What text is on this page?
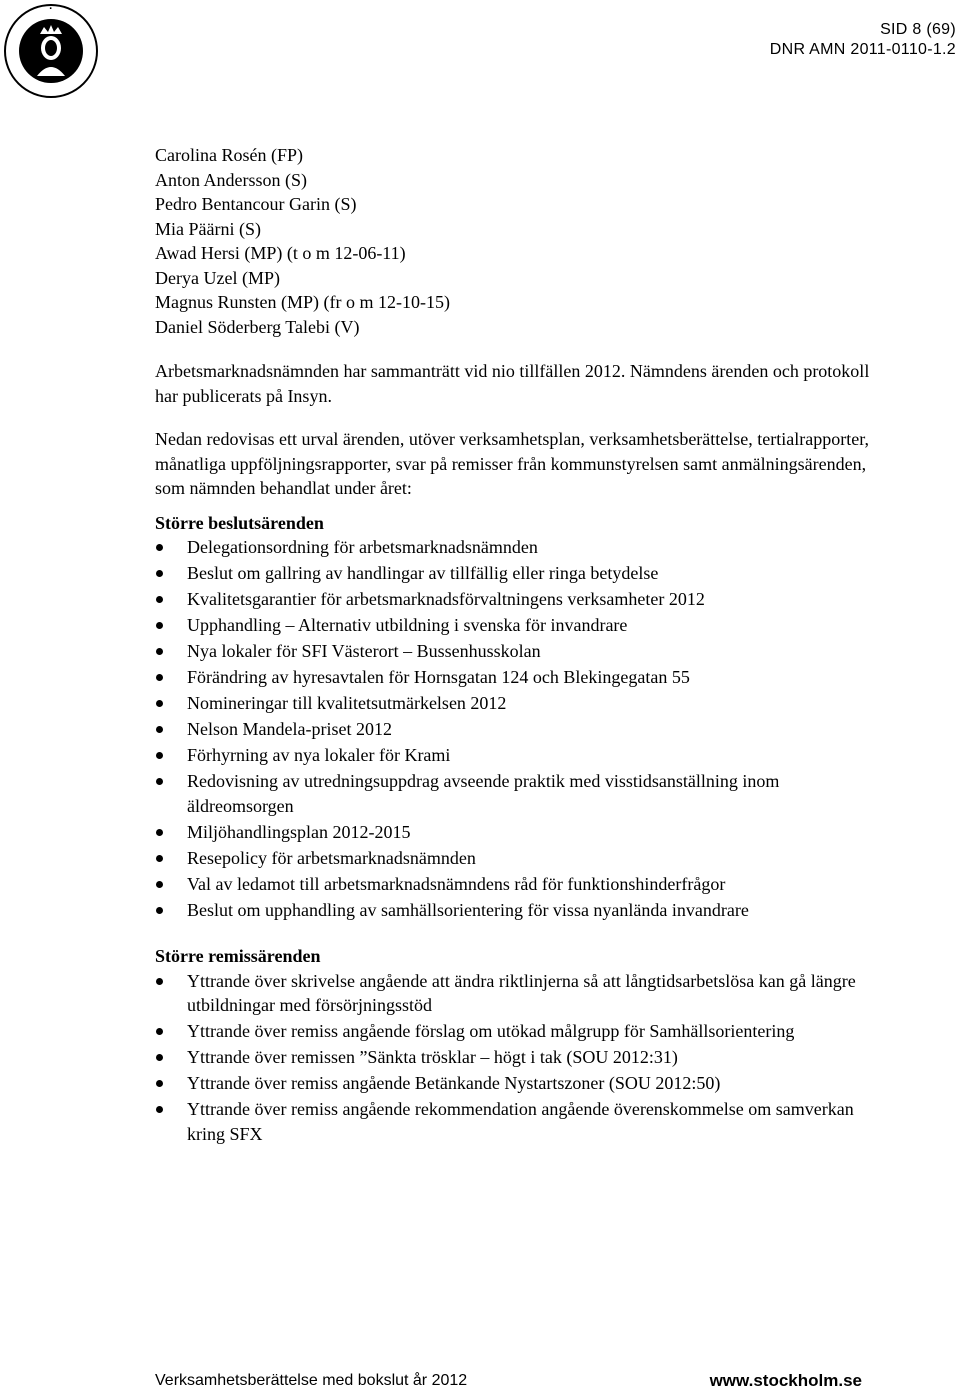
·
SID 8 (69)
DNR AMN 2011-0110-1.2
Carolina Rosén (FP)
Anton Andersson (S)
Pedro Bentancour Garin (S)
Mia Päärni (S)
Awad Hersi (MP) (t o m 12-06-11)
Derya Uzel (MP)
Magnus Runsten (MP) (fr o m 12-10-15)
Daniel Söderberg Talebi (V)

Arbetsmarknadsnämnden har sammanträtt vid nio tillfällen 2012. Nämndens ärenden och protokoll har publicerats på Insyn.

Nedan redovisas ett urval ärenden, utöver verksamhetsplan, verksamhetsberättelse, tertialrapporter, månatliga uppföljningsrapporter, svar på remisser från kommunstyrelsen samt anmälningsärenden, som nämnden behandlat under året:

Större beslutsärenden
Delegationsordning för arbetsmarknadsnämnden
Beslut om gallring av handlingar av tillfällig eller ringa betydelse
Kvalitetsgarantier för arbetsmarknadsförvaltningens verksamheter 2012
Upphandling – Alternativ utbildning i svenska för invandrare
Nya lokaler för SFI Västerort – Bussenhusskolan
Förändring av hyresavtalen för Hornsgatan 124 och Blekingegatan 55
Nomineringar till kvalitetsutmärkelsen 2012
Nelson Mandela-priset 2012
Förhyrning av nya lokaler för Krami
Redovisning av utredningsuppdrag avseende praktik med visstidsanställning inom äldreomsorgen
Miljöhandlingsplan 2012-2015
Resepolicy för arbetsmarknadsnämnden
Val av ledamot till arbetsmarknadsnämndens råd för funktionshinderfrågor
Beslut om upphandling av samhällsorientering för vissa nyanlända invandrare
Större remissärenden
Yttrande över skrivelse angående att ändra riktlinjerna så att långtidsarbetslösa kan gå längre utbildningar med försörjningsstöd
Yttrande över remiss angående förslag om utökad målgrupp för Samhällsorientering
Yttrande över remissen ”Sänkta trösklar – högt i tak (SOU 2012:31)
Yttrande över remiss angående Betänkande Nystartszoner (SOU 2012:50)
Yttrande över remiss angående rekommendation angående överenskommelse om samverkan kring SFX
Verksamhetsberättelse med bokslut år 2012	www.stockholm.se
